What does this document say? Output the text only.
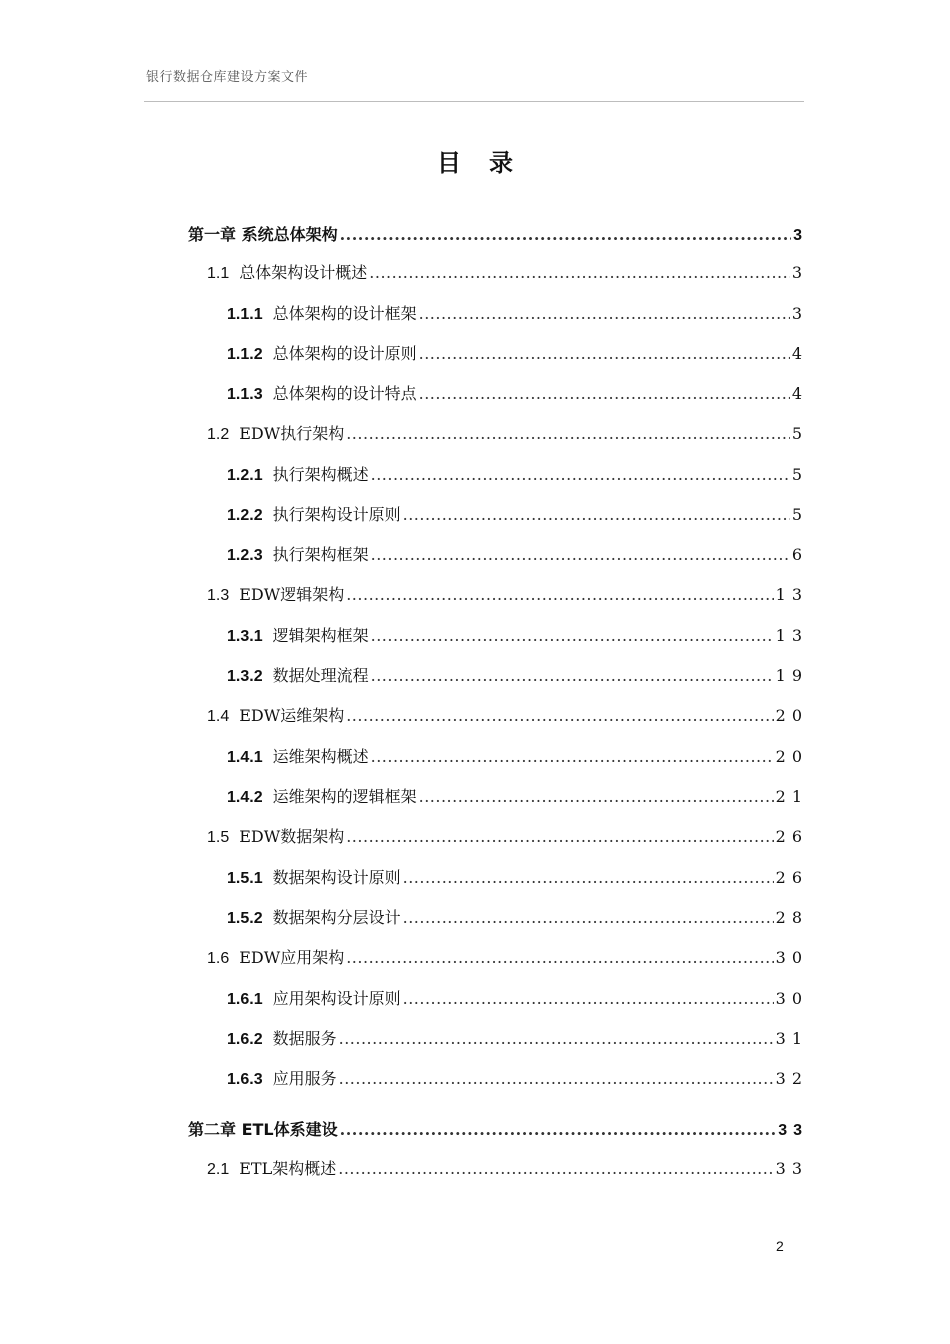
银行数据仓库建设方案文件
目录
第一章 系统总体架构 .....	3
1.1 总体架构设计概述 .....	3
1.1.1 总体架构的设计框架 .....	3
1.1.2 总体架构的设计原则 .....	4
1.1.3 总体架构的设计特点 .....	4
1.2 EDW执行架构 .....	5
1.2.1 执行架构概述 .....	5
1.2.2 执行架构设计原则 .....	5
1.2.3 执行架构框架 .....	6
1.3 EDW逻辑架构 .....	13
1.3.1 逻辑架构框架 .....	13
1.3.2 数据处理流程 .....	19
1.4 EDW运维架构 .....	20
1.4.1 运维架构概述 .....	20
1.4.2 运维架构的逻辑框架 .....	21
1.5 EDW数据架构 .....	26
1.5.1 数据架构设计原则 .....	26
1.5.2 数据架构分层设计 .....	28
1.6 EDW应用架构 .....	30
1.6.1 应用架构设计原则 .....	30
1.6.2 数据服务 .....	31
1.6.3 应用服务 .....	32
第二章 ETL体系建设 .....	33
2.1 ETL架构概述 .....	33
2
